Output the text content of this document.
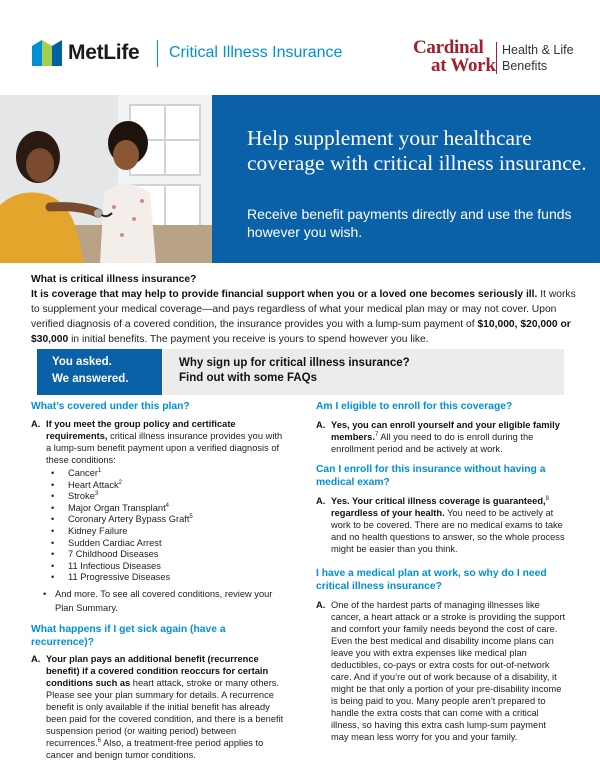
MetLife Critical Illness Insurance	Cardinal
at Work
Health & Life
Benefits
Help supplement your healthcare coverage with critical illness insurance.
Receive benefit payments directly and use the funds however you wish.

What is critical illness insurance?

It is coverage that may help to provide financial support when you or a loved one becomes seriously ill. It works to supplement your medical coverage—and pays regardless of what your medical plan may or may not cover. Upon verified diagnosis of a covered condition, the insurance provides you with a lump-sum payment of $10,000, $20,000 or $30,000 in initial benefits. The payment you receive is yours to spend however you like.

You asked.
We answered.
Why sign up for critical illness insurance?
Find out with some FAQs
What’s covered under this plan?
A. If you meet the group policy and certificate requirements, critical illness insurance provides you with a lump-sum benefit payment upon a verified diagnosis of these conditions:
• Cancer$^1$
• Heart Attack$^2$
• Stroke$^3$
• Major Organ Transplant$^4$
• Coronary Artery Bypass Graft$^5$
• Kidney Failure
• Sudden Cardiac Arrest
• 7 Childhood Diseases
• 11 Infectious Diseases
• 11 Progressive Diseases
• And more. To see all covered conditions, review your Plan Summary.
What happens if I get sick again (have a recurrence)?
A. Your plan pays an additional benefit (recurrence benefit) if a covered condition reoccurs for certain conditions such as heart attack, stroke or many others. Please see your plan summary for details. A recurrence benefit is only available if the initial benefit has already been paid for the covered condition, and there is a benefit suspension period (or waiting period) between recurrences.$^6$ Also, a treatment-free period applies to cancer and benign tumor conditions.
Am I eligible to enroll for this coverage?
A. Yes, you can enroll yourself and your eligible family members.$^7$ All you need to do is enroll during the enrollment period and be actively at work.
Can I enroll for this insurance without having a medical exam?
A. Yes. Your critical illness coverage is guaranteed,$^8$ regardless of your health. You need to be actively at work to be covered. There are no medical exams to take and no health questions to answer, so the whole process might be easier than you think.
I have a medical plan at work, so why do I need critical illness insurance?
A. One of the hardest parts of managing illnesses like cancer, a heart attack or a stroke is providing the support and comfort your family needs beyond the cost of care. Even the best medical and disability income plans can leave you with extra expenses like medical plan deductibles, co-pays or extra costs for out-of-network care. And if you’re out of work because of a disability, it might be that only a portion of your pre-disability income is being paid to you. Many people aren’t prepared to handle the extra costs that can come with a critical illness, so having this extra cash lump-sum payment may mean less worry for you and your family.
